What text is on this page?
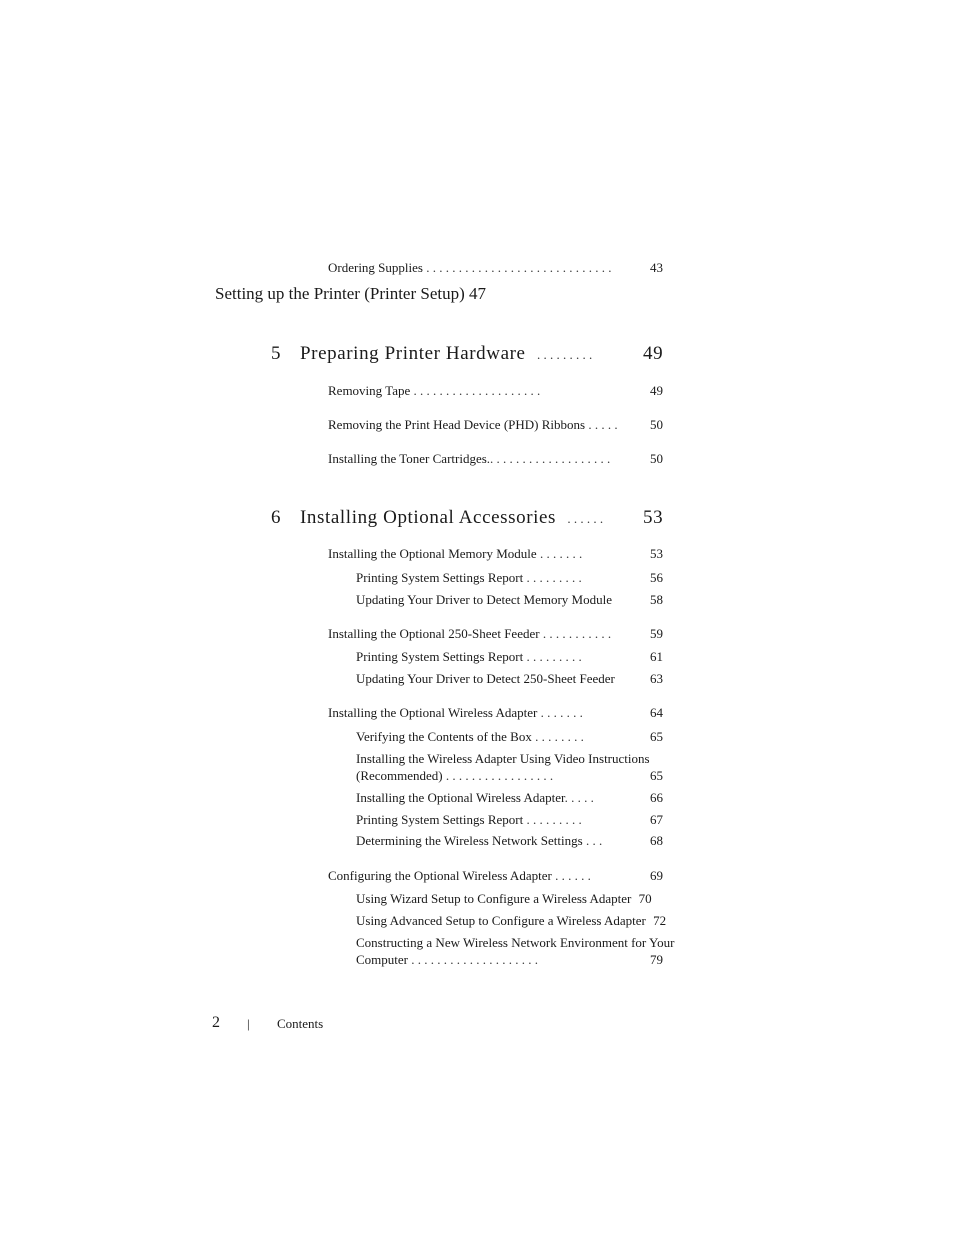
Ordering Supplies . . . . . . . . . . . . . . . . . . . . . . . . . . . . .	43
Setting up the Printer (Printer Setup) 47
5 Preparing Printer Hardware . . . . . . . . .	49
Removing Tape . . . . . . . . . . . . . . . . . . . .	49
Removing the Print Head Device (PHD) Ribbons . . . . . 50
Installing the Toner Cartridges.. . . . . . . . . . . . . . . . . . .	50
6 Installing Optional Accessories . . . . . . 53
Installing the Optional Memory Module . . . . . . .	53
Printing System Settings Report . . . . . . . . .	56
Updating Your Driver to Detect Memory Module	58
Installing the Optional 250-Sheet Feeder . . . . . . . . . . .	59
Printing System Settings Report . . . . . . . . .	61
Updating Your Driver to Detect 250-Sheet Feeder	63
Installing the Optional Wireless Adapter . . . . . . .	64
Verifying the Contents of the Box . . . . . . . .	65
Installing the Wireless Adapter Using Video Instructions
(Recommended) . . . . . . . . . . . . . . . . .	65
Installing the Optional Wireless Adapter. . . . .	66
Printing System Settings Report . . . . . . . . .	67
Determining the Wireless Network Settings . . .	68
Configuring the Optional Wireless Adapter . . . . . .	69
Using Wizard Setup to Configure a Wireless Adapter 70
Using Advanced Setup to Configure a Wireless Adapter 72
Constructing a New Wireless Network Environment for Your
Computer . . . . . . . . . . . . . . . . . . . .	79
2 | Contents
